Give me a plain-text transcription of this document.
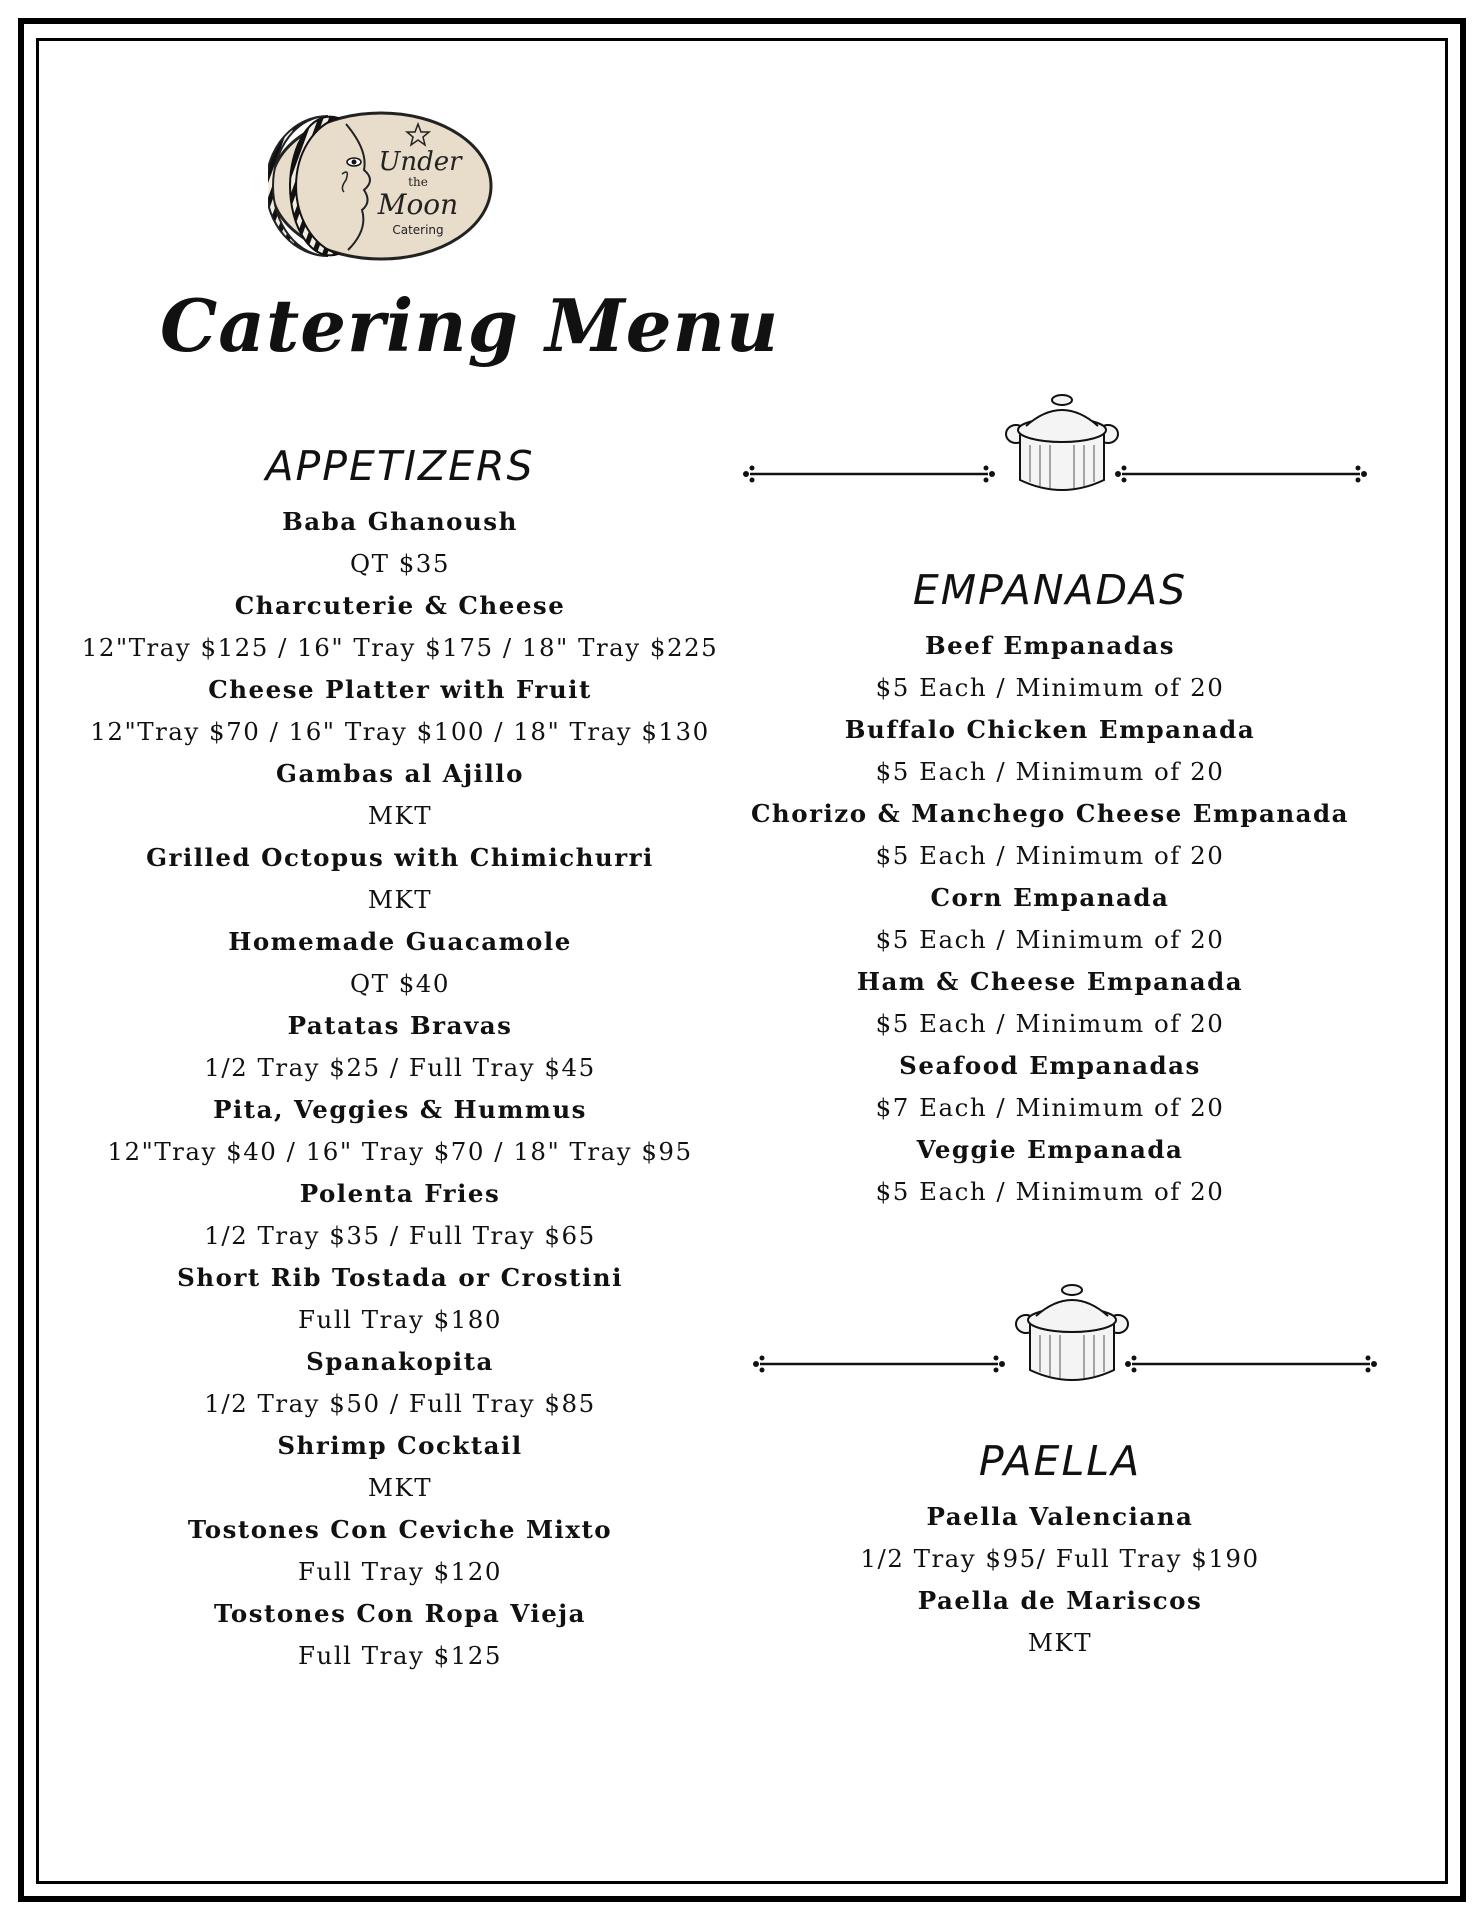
Under
the
Moon
Catering
Catering Menu
APPETIZERS
Baba Ghanoush
QT $35
Charcuterie & Cheese
12"Tray $125 / 16" Tray $175 / 18" Tray $225
Cheese Platter with Fruit
12"Tray $70 / 16" Tray $100 / 18" Tray $130
Gambas al Ajillo
MKT
Grilled Octopus with Chimichurri
MKT
Homemade Guacamole
QT $40
Patatas Bravas
1/2 Tray $25 / Full Tray $45
Pita, Veggies & Hummus
12"Tray $40 / 16" Tray $70 / 18" Tray $95
Polenta Fries
1/2 Tray $35 / Full Tray $65
Short Rib Tostada or Crostini
Full Tray $180
Spanakopita
1/2 Tray $50 / Full Tray $85
Shrimp Cocktail
MKT
Tostones Con Ceviche Mixto
Full Tray $120
Tostones Con Ropa Vieja
Full Tray $125
EMPANADAS
Beef Empanadas
$5 Each / Minimum of 20
Buffalo Chicken Empanada
$5 Each / Minimum of 20
Chorizo & Manchego Cheese Empanada
$5 Each / Minimum of 20
Corn Empanada
$5 Each / Minimum of 20
Ham & Cheese Empanada
$5 Each / Minimum of 20
Seafood Empanadas
$7 Each / Minimum of 20
Veggie Empanada
$5 Each / Minimum of 20
PAELLA
Paella Valenciana
1/2 Tray $95/ Full Tray $190
Paella de Mariscos
MKT
